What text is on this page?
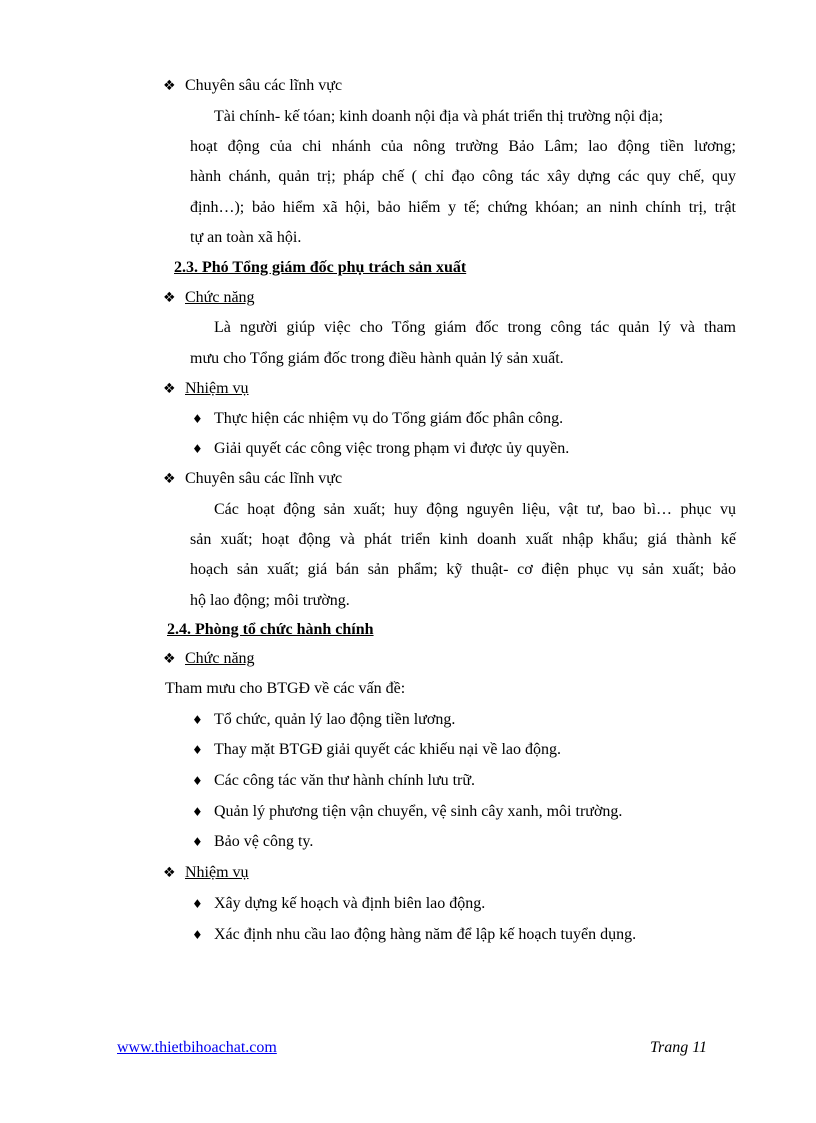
❖ Chuyên sâu các lĩnh vực
Tài chính- kế tóan; kinh doanh nội địa và phát triển thị trường nội địa;
hoạt động của chi nhánh của nông trường Bảo Lâm; lao động tiền lương;
hành chánh, quản trị; pháp chế ( chỉ đạo công tác xây dựng các quy chế, quy
định…); bảo hiểm xã hội, bảo hiểm y tế; chứng khóan; an ninh chính trị, trật
tự an toàn xã hội.
2.3. Phó Tổng giám đốc phụ trách sản xuất
❖ Chức năng
Là người giúp việc cho Tổng giám đốc trong công tác quản lý và tham
mưu cho Tổng giám đốc trong điều hành quản lý sản xuất.
❖ Nhiệm vụ
♦ Thực hiện các nhiệm vụ do Tổng giám đốc phân công.
♦ Giải quyết các công việc trong phạm vi được ủy quyền.
❖ Chuyên sâu các lĩnh vực
Các hoạt động sản xuất; huy động nguyên liệu, vật tư, bao bì… phục vụ
sản xuất; hoạt động và phát triển kinh doanh xuất nhập khẩu; giá thành kế
hoạch sản xuất; giá bán sản phẩm; kỹ thuật- cơ điện phục vụ sản xuất; bảo
hộ lao động; môi trường.
2.4. Phòng tổ chức hành chính
❖ Chức năng
Tham mưu cho BTGĐ về các vấn đề:
♦ Tổ chức, quản lý lao động tiền lương.
♦ Thay mặt BTGĐ giải quyết các khiếu nại về lao động.
♦ Các công tác văn thư hành chính lưu trữ.
♦ Quản lý phương tiện vận chuyển, vệ sinh cây xanh, môi trường.
♦ Bảo vệ công ty.
❖ Nhiệm vụ
♦ Xây dựng kế hoạch và định biên lao động.
♦ Xác định nhu cầu lao động hàng năm để lập kế hoạch tuyển dụng.
www.thietbihoachat.com	Trang 11
